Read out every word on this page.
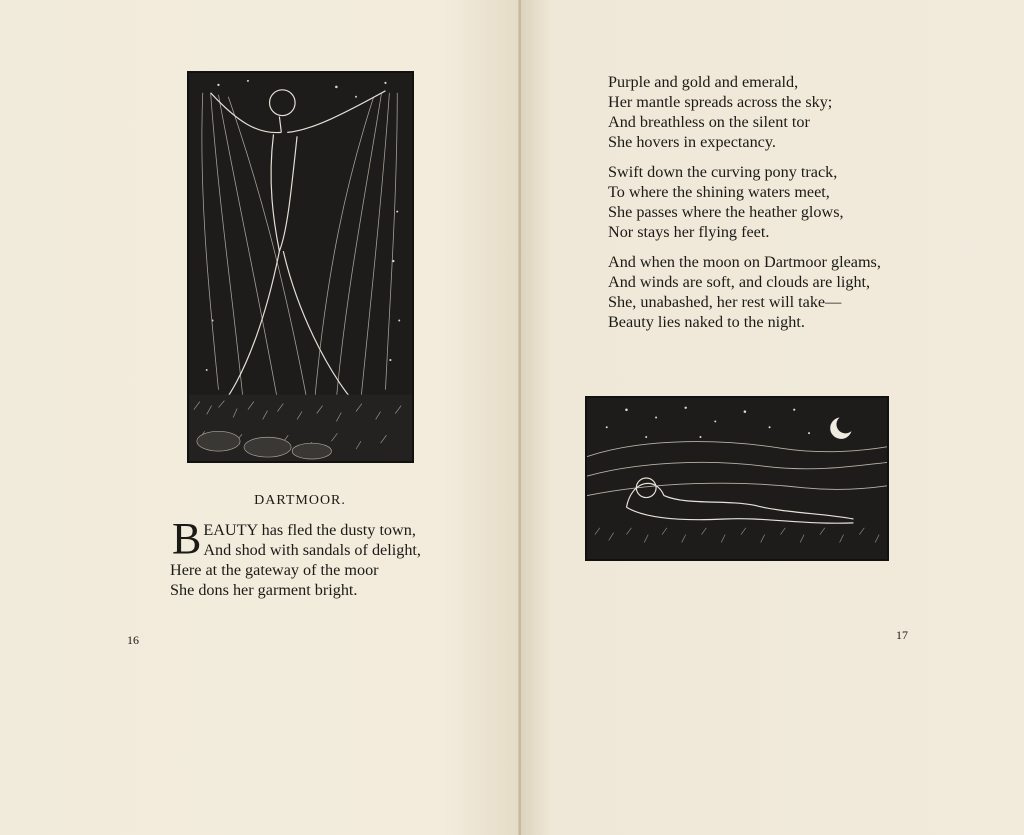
DARTMOOR.
B EAUTY has fled the dusty town,
And shod with sandals of delight,
Here at the gateway of the moor
She dons her garment bright.
16
Purple and gold and emerald,
Her mantle spreads across the sky;
And breathless on the silent tor
She hovers in expectancy.
Swift down the curving pony track,
To where the shining waters meet,
She passes where the heather glows,
Nor stays her flying feet.
And when the moon on Dartmoor gleams,
And winds are soft, and clouds are light,
She, unabashed, her rest will take—
Beauty lies naked to the night.
17
